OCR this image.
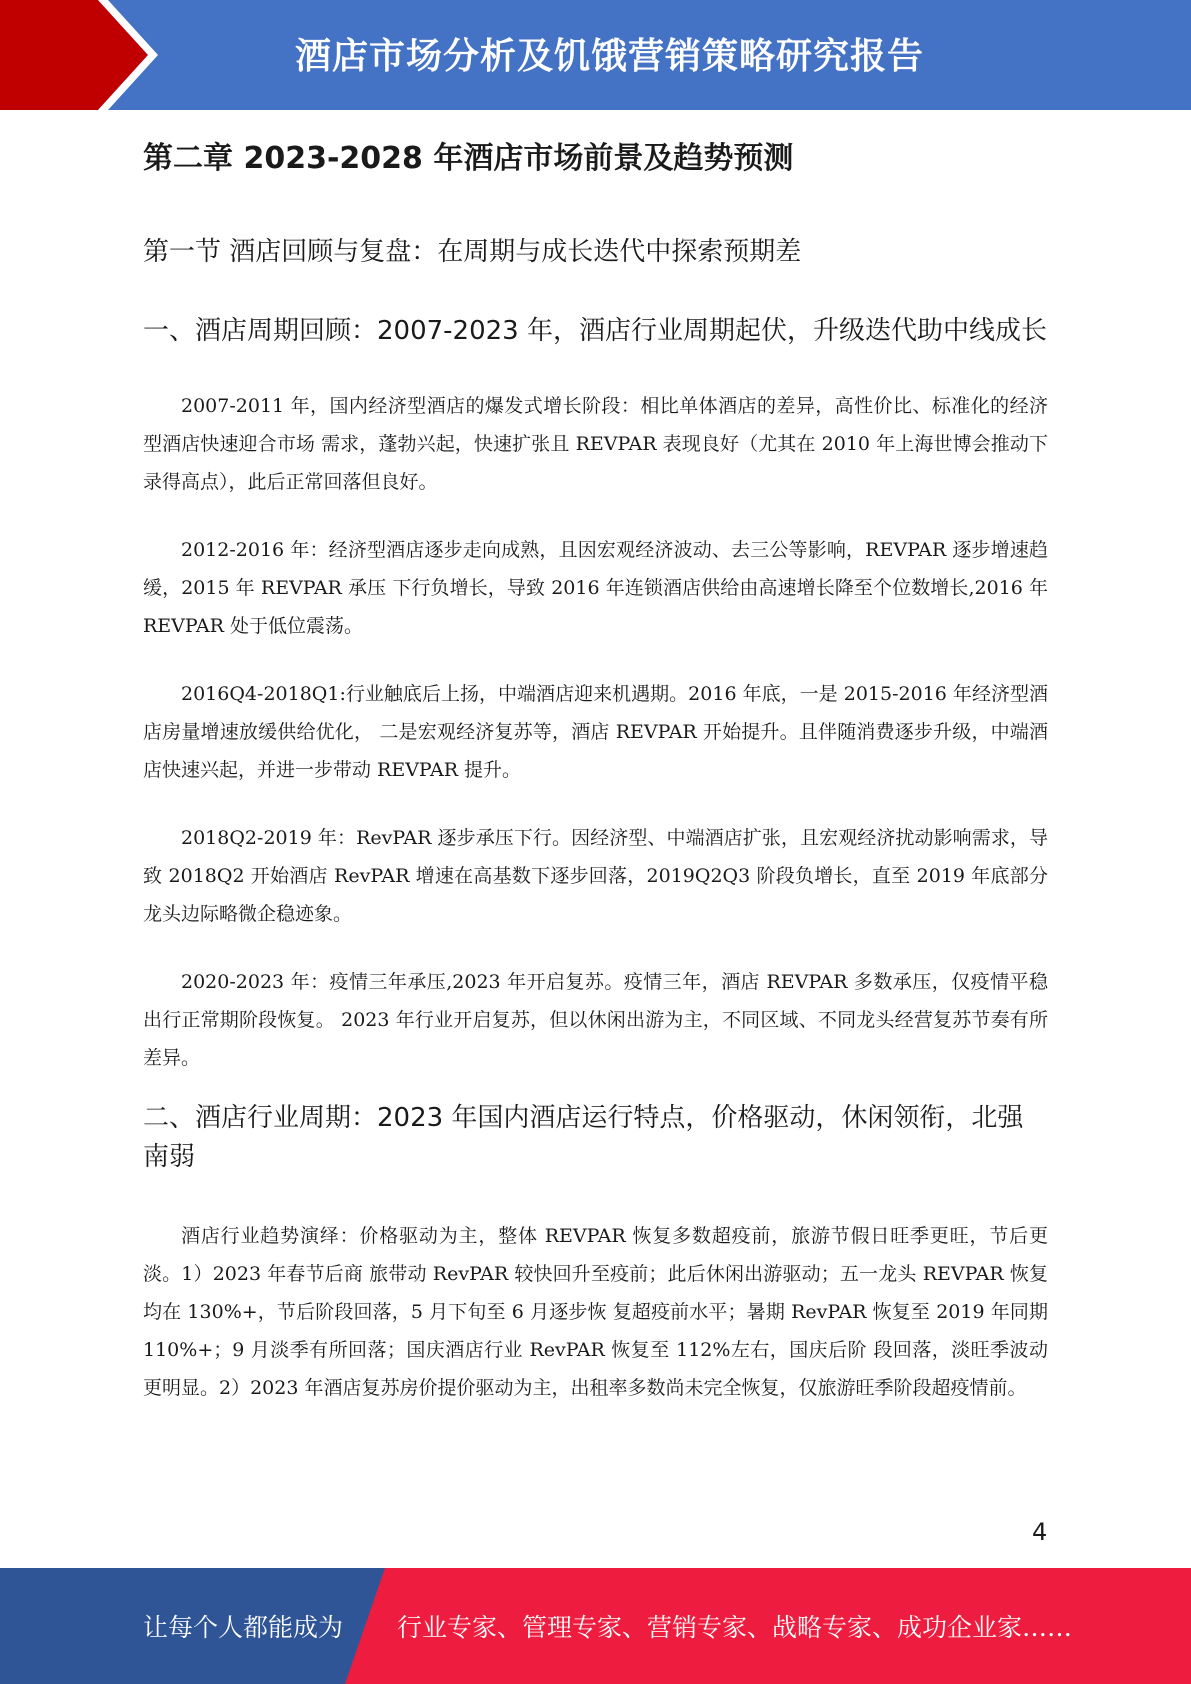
酒店市场分析及饥饿营销策略研究报告
第二章 2023-2028 年酒店市场前景及趋势预测
第一节 酒店回顾与复盘：在周期与成长迭代中探索预期差
一、酒店周期回顾：2007-2023 年，酒店行业周期起伏，升级迭代助中线成长

2007-2011 年，国内经济型酒店的爆发式增长阶段：相比单体酒店的差异，高性价比、标准化的经济型酒店快速迎合市场 需求，蓬勃兴起，快速扩张且 REVPAR 表现良好（尤其在 2010 年上海世博会推动下录得高点），此后正常回落但良好。

2012-2016 年：经济型酒店逐步走向成熟，且因宏观经济波动、去三公等影响，REVPAR 逐步增速趋缓，2015 年 REVPAR 承压 下行负增长，导致 2016 年连锁酒店供给由高速增长降至个位数增长,2016 年 REVPAR 处于低位震荡。

2016Q4-2018Q1:行业触底后上扬，中端酒店迎来机遇期。2016 年底，一是 2015-2016 年经济型酒店房量增速放缓供给优化， 二是宏观经济复苏等，酒店 REVPAR 开始提升。且伴随消费逐步升级，中端酒店快速兴起，并进一步带动 REVPAR 提升。

2018Q2-2019 年：RevPAR 逐步承压下行。因经济型、中端酒店扩张，且宏观经济扰动影响需求，导致 2018Q2 开始酒店 RevPAR 增速在高基数下逐步回落，2019Q2Q3 阶段负增长，直至 2019 年底部分龙头边际略微企稳迹象。

2020-2023 年：疫情三年承压,2023 年开启复苏。疫情三年，酒店 REVPAR 多数承压，仅疫情平稳出行正常期阶段恢复。 2023 年行业开启复苏，但以休闲出游为主，不同区域、不同龙头经营复苏节奏有所差异。

二、酒店行业周期：2023 年国内酒店运行特点，价格驱动，休闲领衔，北强南弱

酒店行业趋势演绎：价格驱动为主，整体 REVPAR 恢复多数超疫前，旅游节假日旺季更旺，节后更淡。1）2023 年春节后商 旅带动 RevPAR 较快回升至疫前；此后休闲出游驱动；五一龙头 REVPAR 恢复均在 130%+，节后阶段回落，5 月下旬至 6 月逐步恢 复超疫前水平；暑期 RevPAR 恢复至 2019 年同期 110%+；9 月淡季有所回落；国庆酒店行业 RevPAR 恢复至 112%左右，国庆后阶 段回落，淡旺季波动更明显。2）2023 年酒店复苏房价提价驱动为主，出租率多数尚未完全恢复，仅旅游旺季阶段超疫情前。

4
让每个人都能成为 行业专家、管理专家、营销专家、战略专家、成功企业家……
